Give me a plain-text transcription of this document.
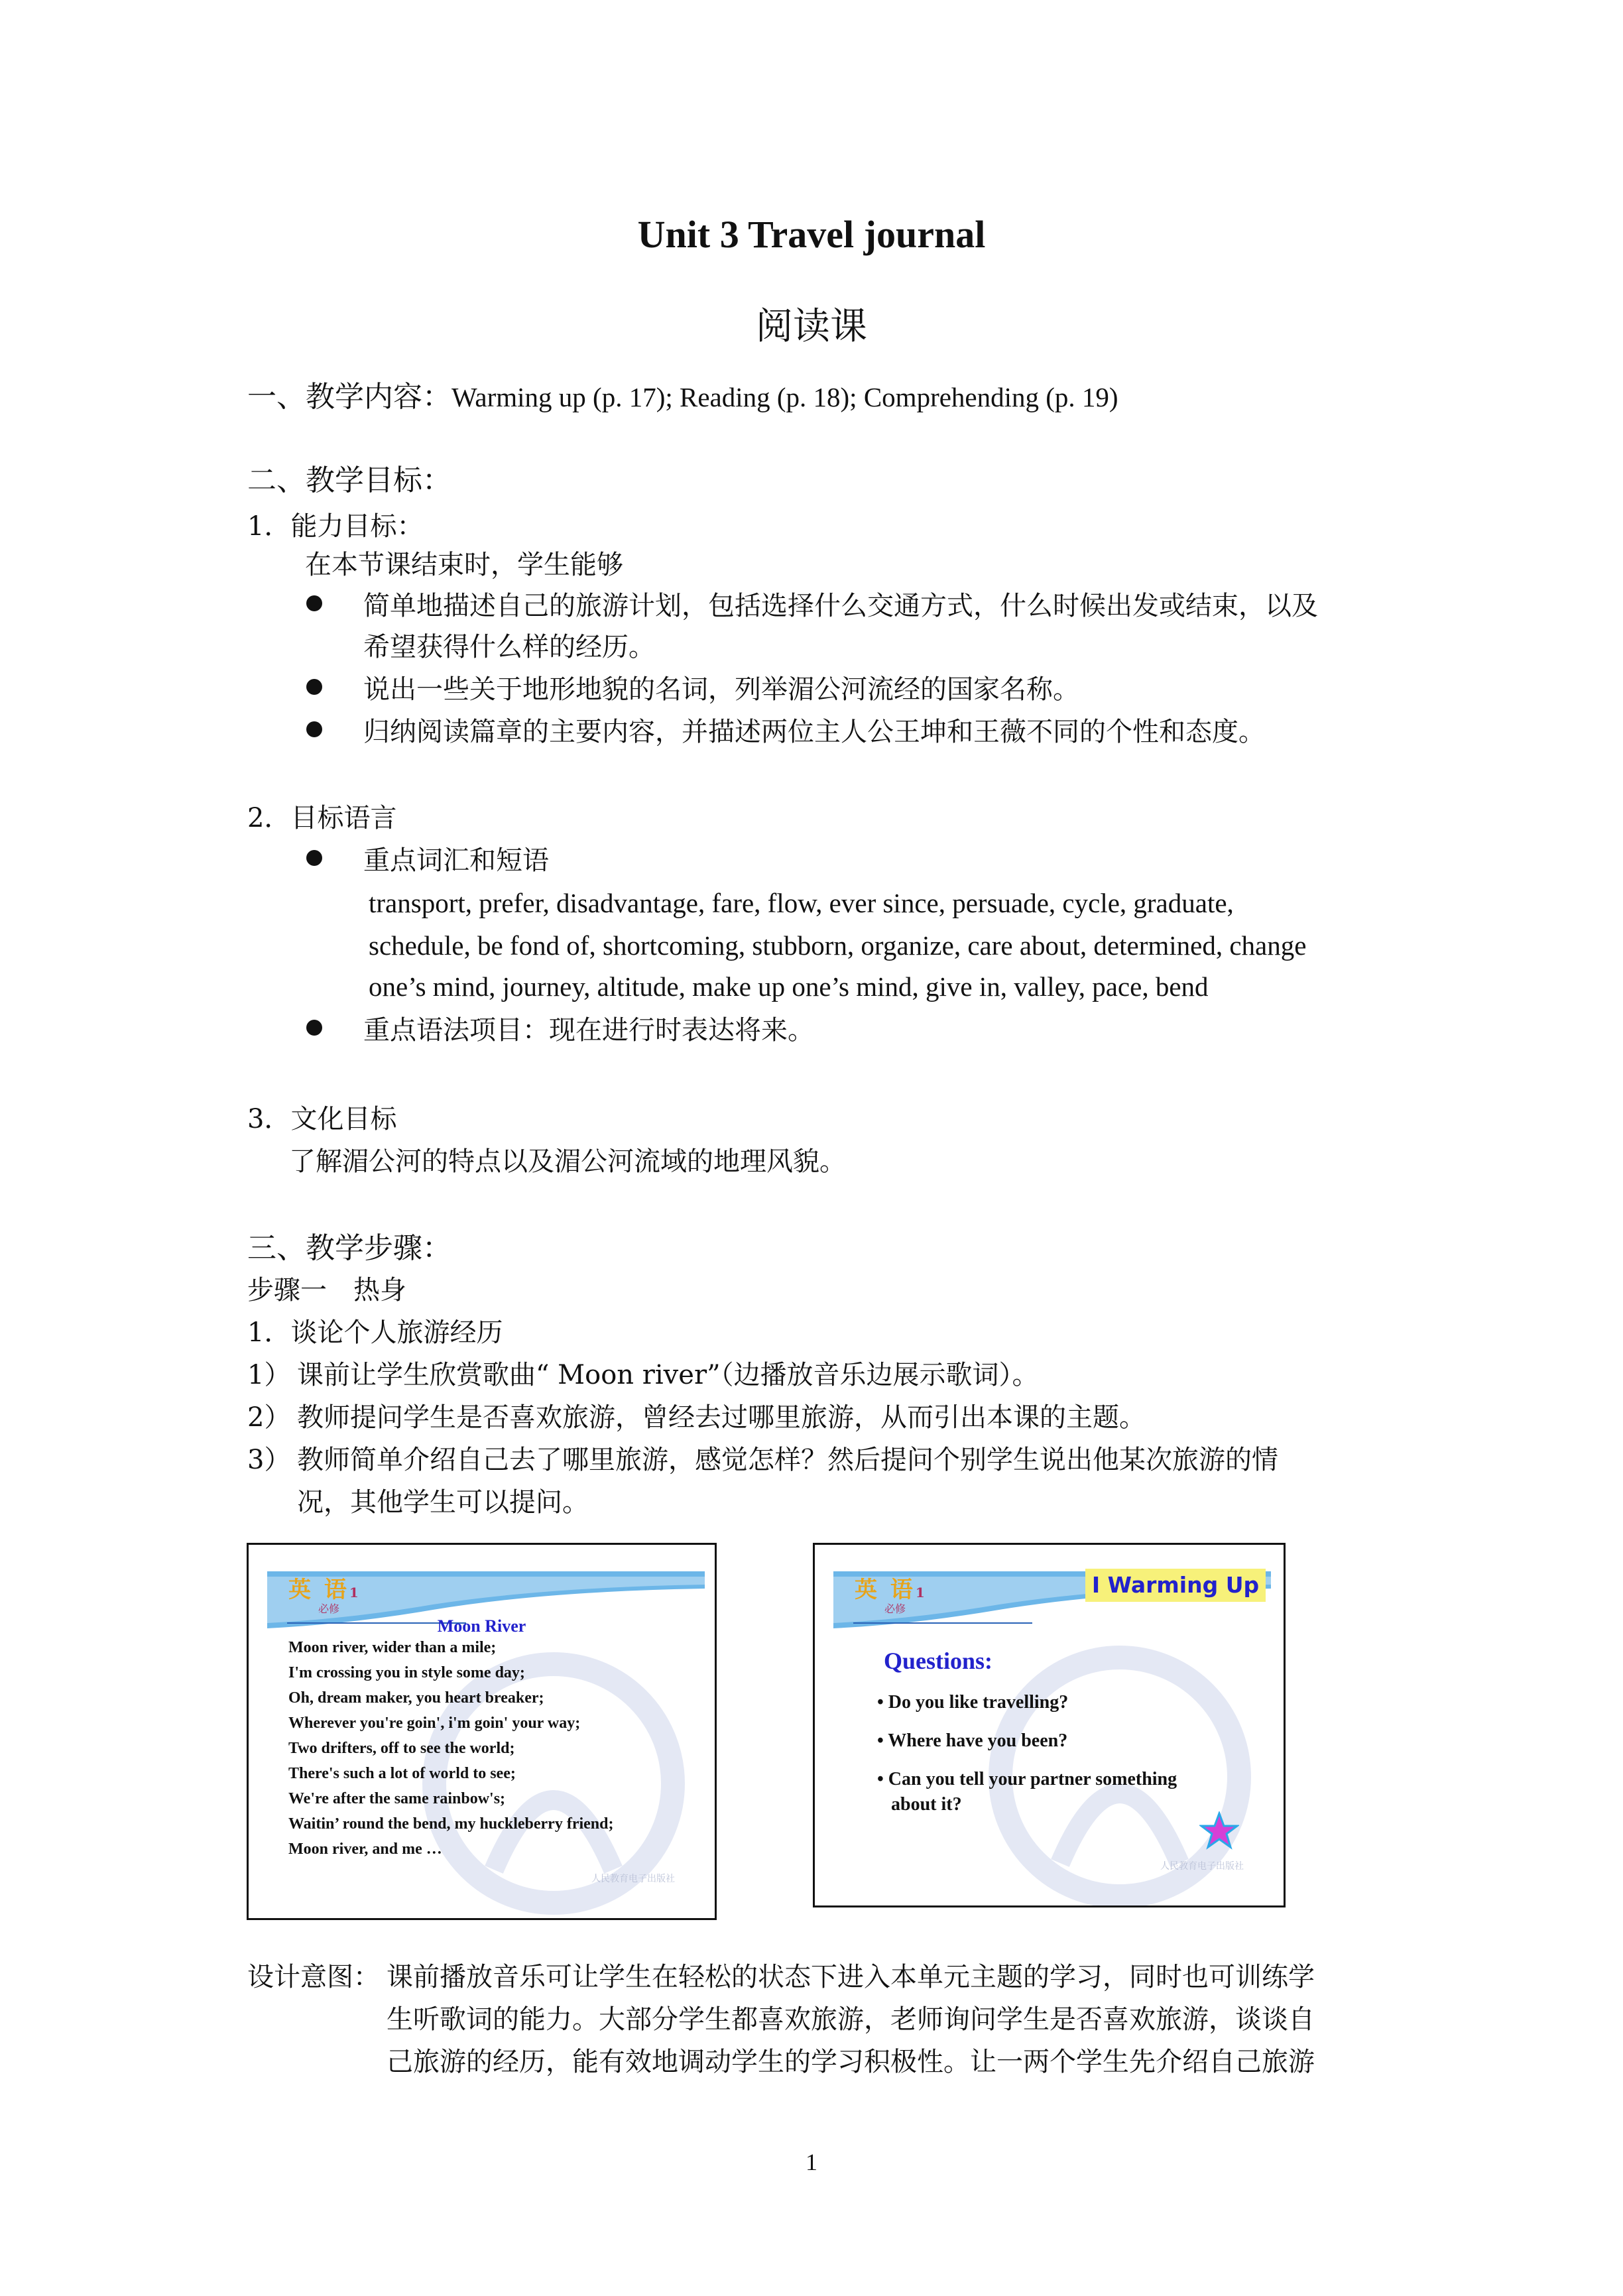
Unit 3 Travel journal
阅读课
一、教学内容：Warming up (p. 17); Reading (p. 18); Comprehending (p. 19)
二、教学目标：
1．能力目标：
在本节课结束时，学生能够
简单地描述自己的旅游计划，包括选择什么交通方式，什么时候出发或结束，以及
希望获得什么样的经历。
说出一些关于地形地貌的名词，列举湄公河流经的国家名称。
归纳阅读篇章的主要内容，并描述两位主人公王坤和王薇不同的个性和态度。
2．目标语言
重点词汇和短语
transport, prefer, disadvantage, fare, flow, ever since, persuade, cycle, graduate,
schedule, be fond of, shortcoming, stubborn, organize, care about, determined, change
one’s mind, journey, altitude, make up one’s mind, give in, valley, pace, bend
重点语法项目：现在进行时表达将来。
3．文化目标
了解湄公河的特点以及湄公河流域的地理风貌。
三、教学步骤：
步骤一　热身
1．谈论个人旅游经历
1） 课前让学生欣赏歌曲“ Moon river”（边播放音乐边展示歌词）。
2） 教师提问学生是否喜欢旅游，曾经去过哪里旅游，从而引出本课的主题。
3） 教师简单介绍自己去了哪里旅游，感觉怎样？然后提问个别学生说出他某次旅游的情
况，其他学生可以提问。
英 语1
必修
Moon River
Moon river, wider than a mile;
I'm crossing you in style some day;
Oh, dream maker, you heart breaker;
Wherever you're goin', i'm goin' your way;
Two drifters, off to see the world;
There's such a lot of world to see;
We're after the same rainbow's;
Waitin’ round the bend, my huckleberry friend;
Moon river, and me …
人民教育电子出版社
英 语1
必修
I Warming Up
Questions:
• Do you like travelling?
• Where have you been?
• Can you tell your partner something
about it?
人民教育电子出版社
设计意图： 课前播放音乐可让学生在轻松的状态下进入本单元主题的学习，同时也可训练学
生听歌词的能力。大部分学生都喜欢旅游，老师询问学生是否喜欢旅游，谈谈自
己旅游的经历，能有效地调动学生的学习积极性。让一两个学生先介绍自己旅游
1
